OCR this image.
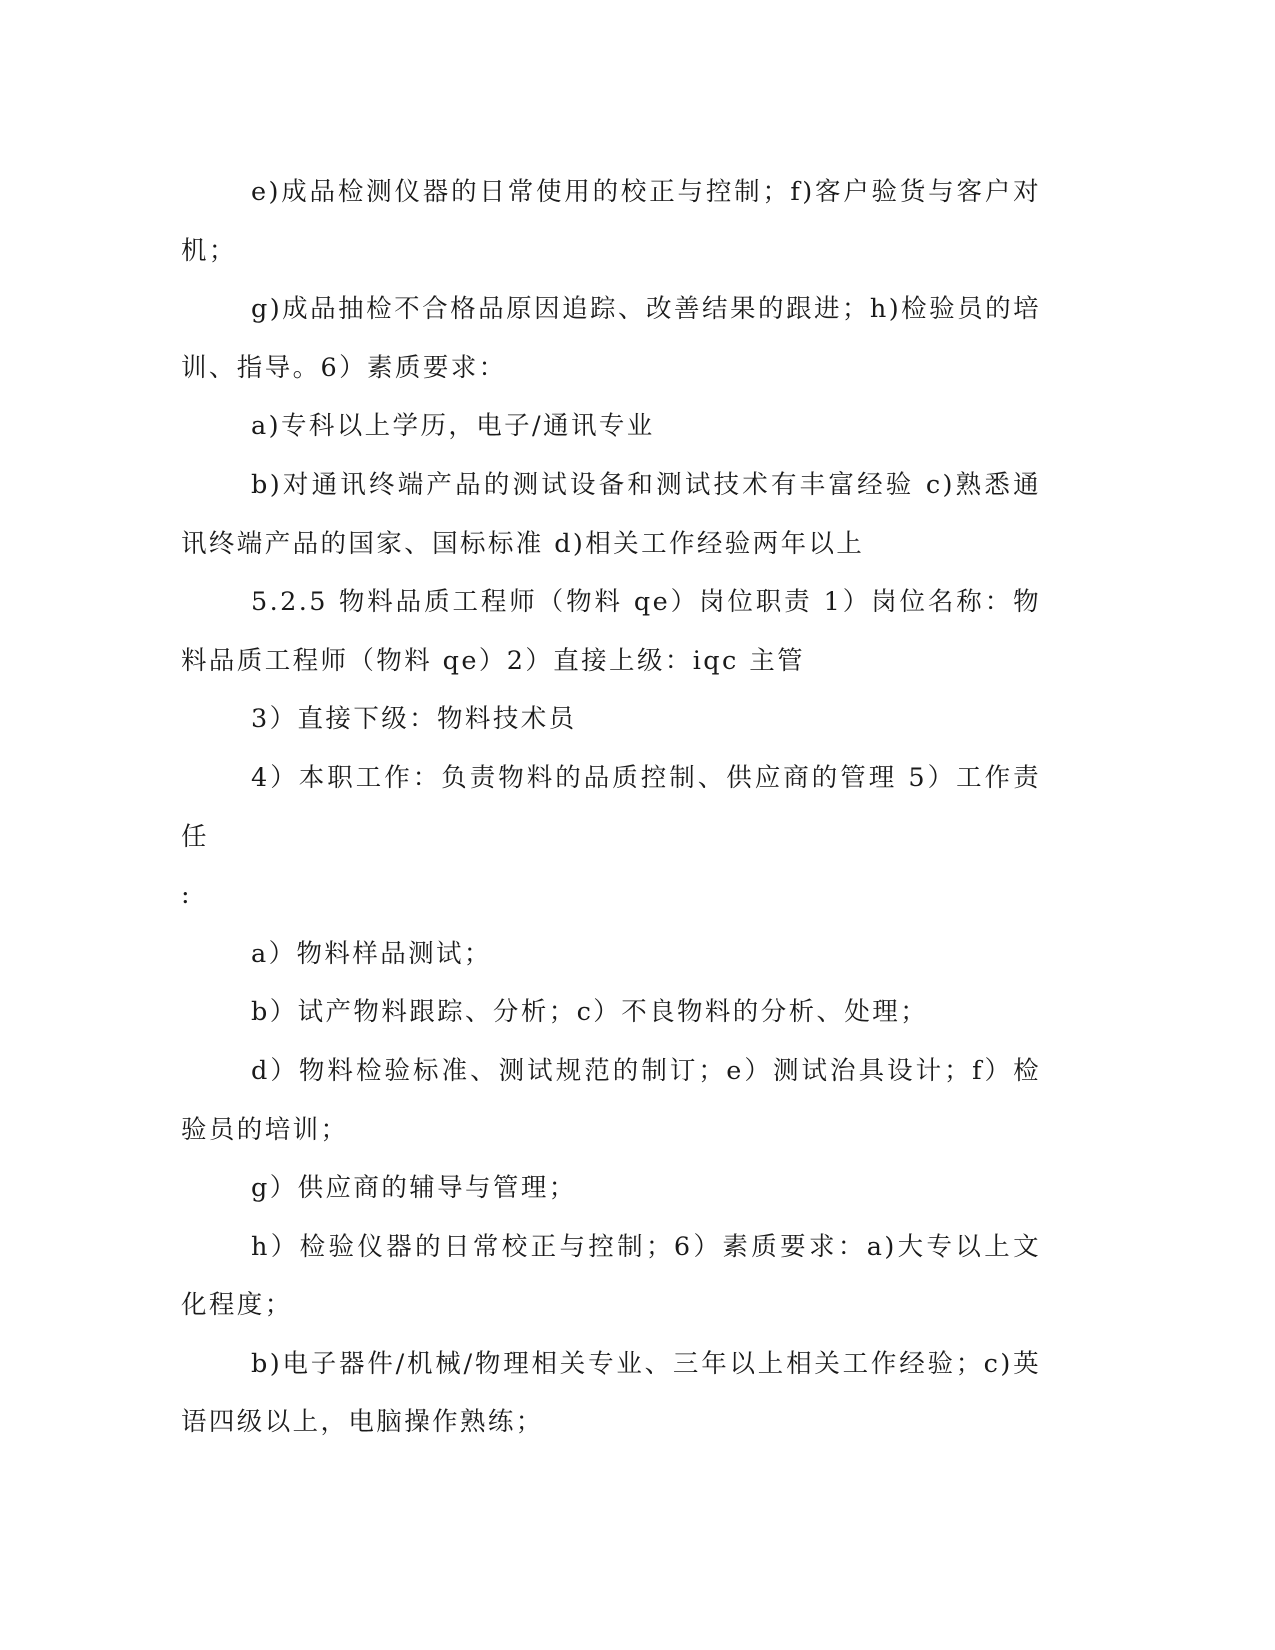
e)成品检测仪器的日常使用的校正与控制；f)客户验货与客户对机；

g)成品抽检不合格品原因追踪、改善结果的跟进；h)检验员的培训、指导。6）素质要求：

a)专科以上学历，电子/通讯专业

b)对通讯终端产品的测试设备和测试技术有丰富经验 c)熟悉通讯终端产品的国家、国标标准 d)相关工作经验两年以上

5.2.5 物料品质工程师（物料 qe）岗位职责 1）岗位名称：物料品质工程师（物料 qe）2）直接上级：iqc 主管

3）直接下级：物料技术员

4）本职工作：负责物料的品质控制、供应商的管理 5）工作责任

:

a）物料样品测试；

b）试产物料跟踪、分析；c）不良物料的分析、处理；

d）物料检验标准、测试规范的制订；e）测试治具设计；f）检验员的培训；

g）供应商的辅导与管理；

h）检验仪器的日常校正与控制；6）素质要求：a)大专以上文化程度；

b)电子器件/机械/物理相关专业、三年以上相关工作经验；c)英语四级以上，电脑操作熟练；
